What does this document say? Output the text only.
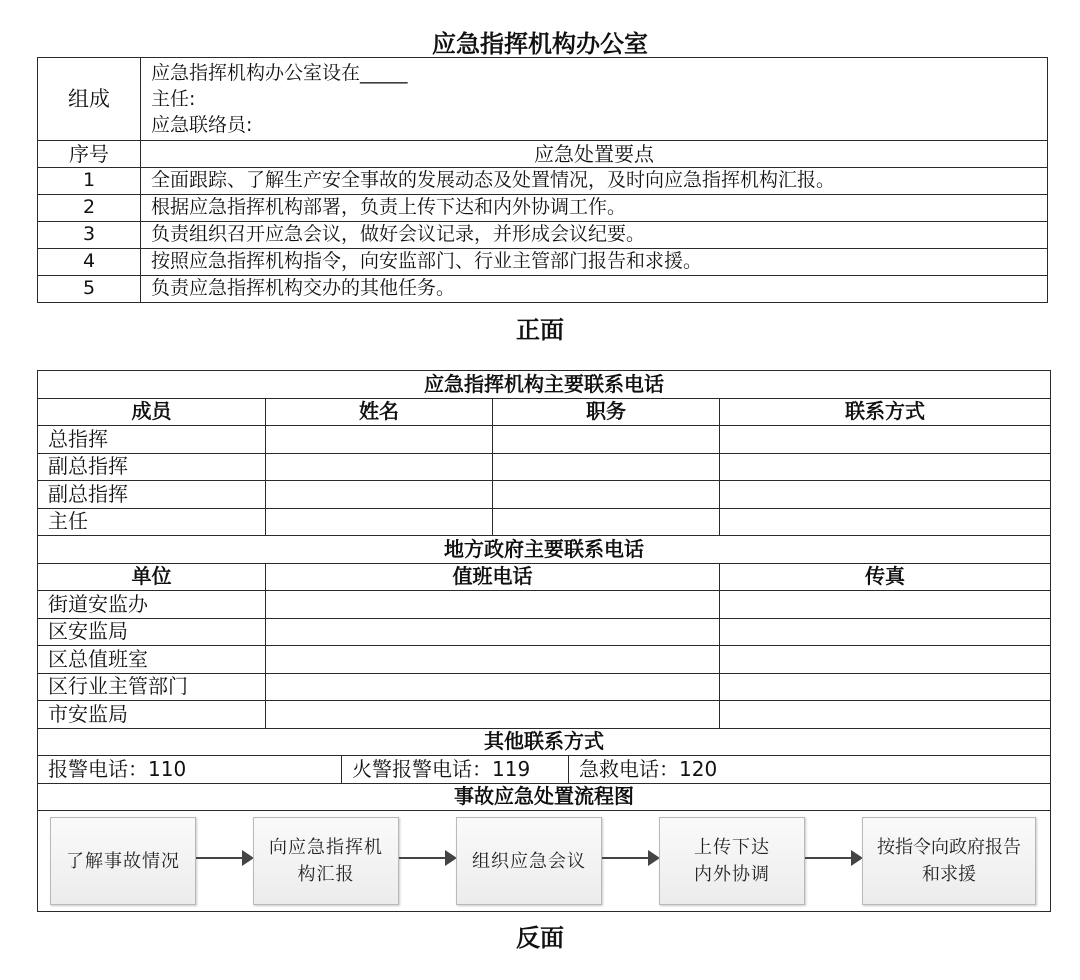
应急指挥机构办公室
组成	应急指挥机构办公室设在_____
主任:
应急联络员:

序号	应急处置要点
1	全面跟踪、了解生产安全事故的发展动态及处置情况，及时向应急指挥机构汇报。
2	根据应急指挥机构部署，负责上传下达和内外协调工作。
3	负责组织召开应急会议，做好会议记录，并形成会议纪要。
4	按照应急指挥机构指令，向安监部门、行业主管部门报告和求援。
5	负责应急指挥机构交办的其他任务。
正面
应急指挥机构主要联系电话					
成员	姓名		职务		联系方式
总指挥					
副总指挥					
副总指挥					
主任					
地方政府主要联系电话					
单位	值班电话				传真
街道安监办					
区安监局					
区总值班室					
区行业主管部门					
市安监局					
其他联系方式					
报警电话：110		火警报警电话：119		急救电话：120	
事故应急处置流程图					

了解事故情况
向应急指挥机
构汇报
组织应急会议
上传下达
内外协调
按指令向政府报告
和求援
反面
